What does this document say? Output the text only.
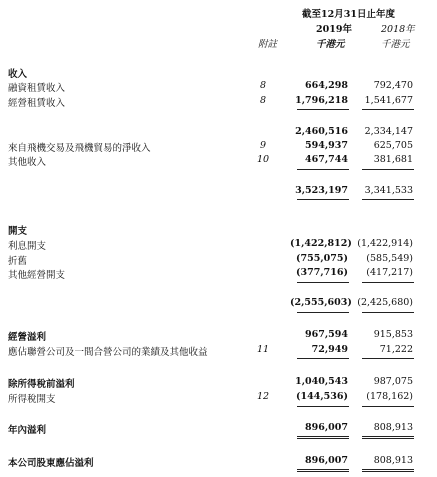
截至12月31日止年度
2019年	2018年
附註	千港元	千港元
收入
融資租賃收入	8	664,298	792,470
經營租賃收入	8	1,796,218	1,541,677
2,460,516	2,334,147
來自飛機交易及飛機貿易的淨收入	9	594,937	625,705
其他收入	10	467,744	381,681
3,523,197	3,341,533
開支
利息開支	(1,422,812) (1,422,914)
折舊	(755,075)	(585,549)
其他經營開支	(377,716)	(417,217)
(2,555,603) (2,425,680)
經營溢利	967,594	915,853
應佔聯營公司及一間合營公司的業績及其他收益	11	72,949	71,222
除所得稅前溢利	1,040,543	987,075
所得稅開支	12	(144,536)	(178,162)
年內溢利	896,007	808,913
本公司股東應佔溢利	896,007	808,913
